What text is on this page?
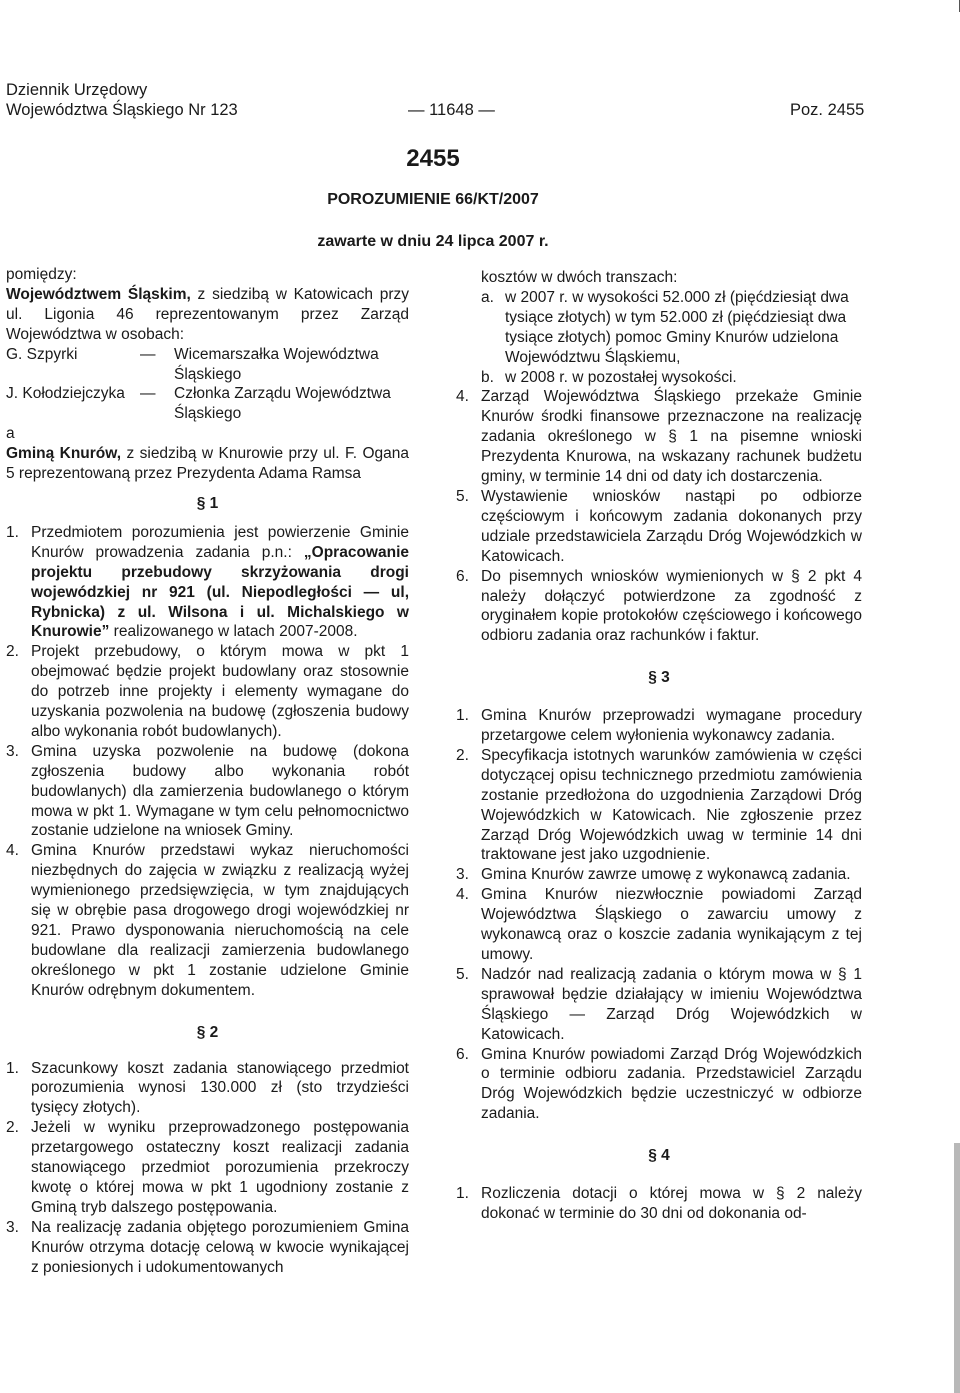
Dziennik Urzędowy
Województwa Śląskiego Nr 123	— 11648 —	Poz. 2455
2455
POROZUMIENIE 66/KT/2007
zawarte w dniu 24 lipca 2007 r.

pomiędzy:

Województwem Śląskim, z siedzibą w Katowicach przy ul. Ligonia 46 reprezentowanym przez Zarząd Województwa w osobach:

G. Szpyrki	—	Wicemarszałka Województwa Śląskiego
J. Kołodziejczyka —	Członka Zarządu Województwa Śląskiego

a

Gminą Knurów, z siedzibą w Knurowie przy ul. F. Ogana 5 reprezentowaną przez Prezydenta Adama Ramsa

§ 1

1. Przedmiotem porozumienia jest powierzenie Gminie Knurów prowadzenia zadania p.n.: „Opracowanie projektu przebudowy skrzyżowania drogi wojewódzkiej nr 921 (ul. Niepodległości — ul, Rybnicka) z ul. Wilsona i ul. Michalskiego w Knurowie” realizowanego w latach 2007-2008.
2. Projekt przebudowy, o którym mowa w pkt 1 obejmować będzie projekt budowlany oraz stosownie do potrzeb inne projekty i elementy wymagane do uzyskania pozwolenia na budowę (zgłoszenia budowy albo wykonania robót budowlanych).
3. Gmina uzyska pozwolenie na budowę (dokona zgłoszenia budowy albo wykonania robót budowlanych) dla zamierzenia budowlanego o którym mowa w pkt 1. Wymagane w tym celu pełnomocnictwo zostanie udzielone na wniosek Gminy.
4. Gmina Knurów przedstawi wykaz nieruchomości niezbędnych do zajęcia w związku z realizacją wyżej wymienionego przedsięwzięcia, w tym znajdujących się w obrębie pasa drogowego drogi wojewódzkiej nr 921. Prawo dysponowania nieruchomością na cele budowlane dla realizacji zamierzenia budowlanego określonego w pkt 1 zostanie udzielone Gminie Knurów odrębnym dokumentem.

§ 2

1. Szacunkowy koszt zadania stanowiącego przedmiot porozumienia wynosi 130.000 zł (sto trzydzieści tysięcy złotych).
2. Jeżeli w wyniku przeprowadzonego postępowania przetargowego ostateczny koszt realizacji zadania stanowiącego przedmiot porozumienia przekroczy kwotę o której mowa w pkt 1 ugodniony zostanie z Gminą tryb dalszego postępowania.
3. Na realizację zadania objętego porozumieniem Gmina Knurów otrzyma dotację celową w kwocie wynikającej z poniesionych i udokumentowanych

kosztów w dwóch transzach:

a. w 2007 r. w wysokości 52.000 zł (pięćdziesiąt dwa tysiące złotych) w tym 52.000 zł (pięćdziesiąt dwa tysiące złotych) pomoc Gminy Knurów udzielona Województwu Śląskiemu,
b. w 2008 r. w pozostałej wysokości.
4. Zarząd Województwa Śląskiego przekaże Gminie Knurów środki finansowe przeznaczone na realizację zadania określonego w § 1 na pisemne wnioski Prezydenta Knurowa, na wskazany rachunek budżetu gminy, w terminie 14 dni od daty ich dostarczenia.
5. Wystawienie wniosków nastąpi po odbiorze częściowym i końcowym zadania dokonanych przy udziale przedstawiciela Zarządu Dróg Wojewódzkich w Katowicach.
6. Do pisemnych wniosków wymienionych w § 2 pkt 4 należy dołączyć potwierdzone za zgodność z oryginałem kopie protokołów częściowego i końcowego odbioru zadania oraz rachunków i faktur.

§ 3

1. Gmina Knurów przeprowadzi wymagane procedury przetargowe celem wyłonienia wykonawcy zadania.
2. Specyfikacja istotnych warunków zamówienia w części dotyczącej opisu technicznego przedmiotu zamówienia zostanie przedłożona do uzgodnienia Zarządowi Dróg Wojewódzkich w Katowicach. Nie zgłoszenie przez Zarząd Dróg Wojewódzkich uwag w terminie 14 dni traktowane jest jako uzgodnienie.
3. Gmina Knurów zawrze umowę z wykonawcą zadania.
4. Gmina Knurów niezwłocznie powiadomi Zarząd Województwa Śląskiego o zawarciu umowy z wykonawcą oraz o koszcie zadania wynikającym z tej umowy.
5. Nadzór nad realizacją zadania o którym mowa w § 1 sprawował będzie działający w imieniu Województwa Śląskiego — Zarząd Dróg Wojewódzkich w Katowicach.
6. Gmina Knurów powiadomi Zarząd Dróg Wojewódzkich o terminie odbioru zadania. Przedstawiciel Zarządu Dróg Wojewódzkich będzie uczestniczyć w odbiorze zadania.

§ 4

1. Rozliczenia dotacji o której mowa w § 2 należy dokonać w terminie do 30 dni od dokonania od-
